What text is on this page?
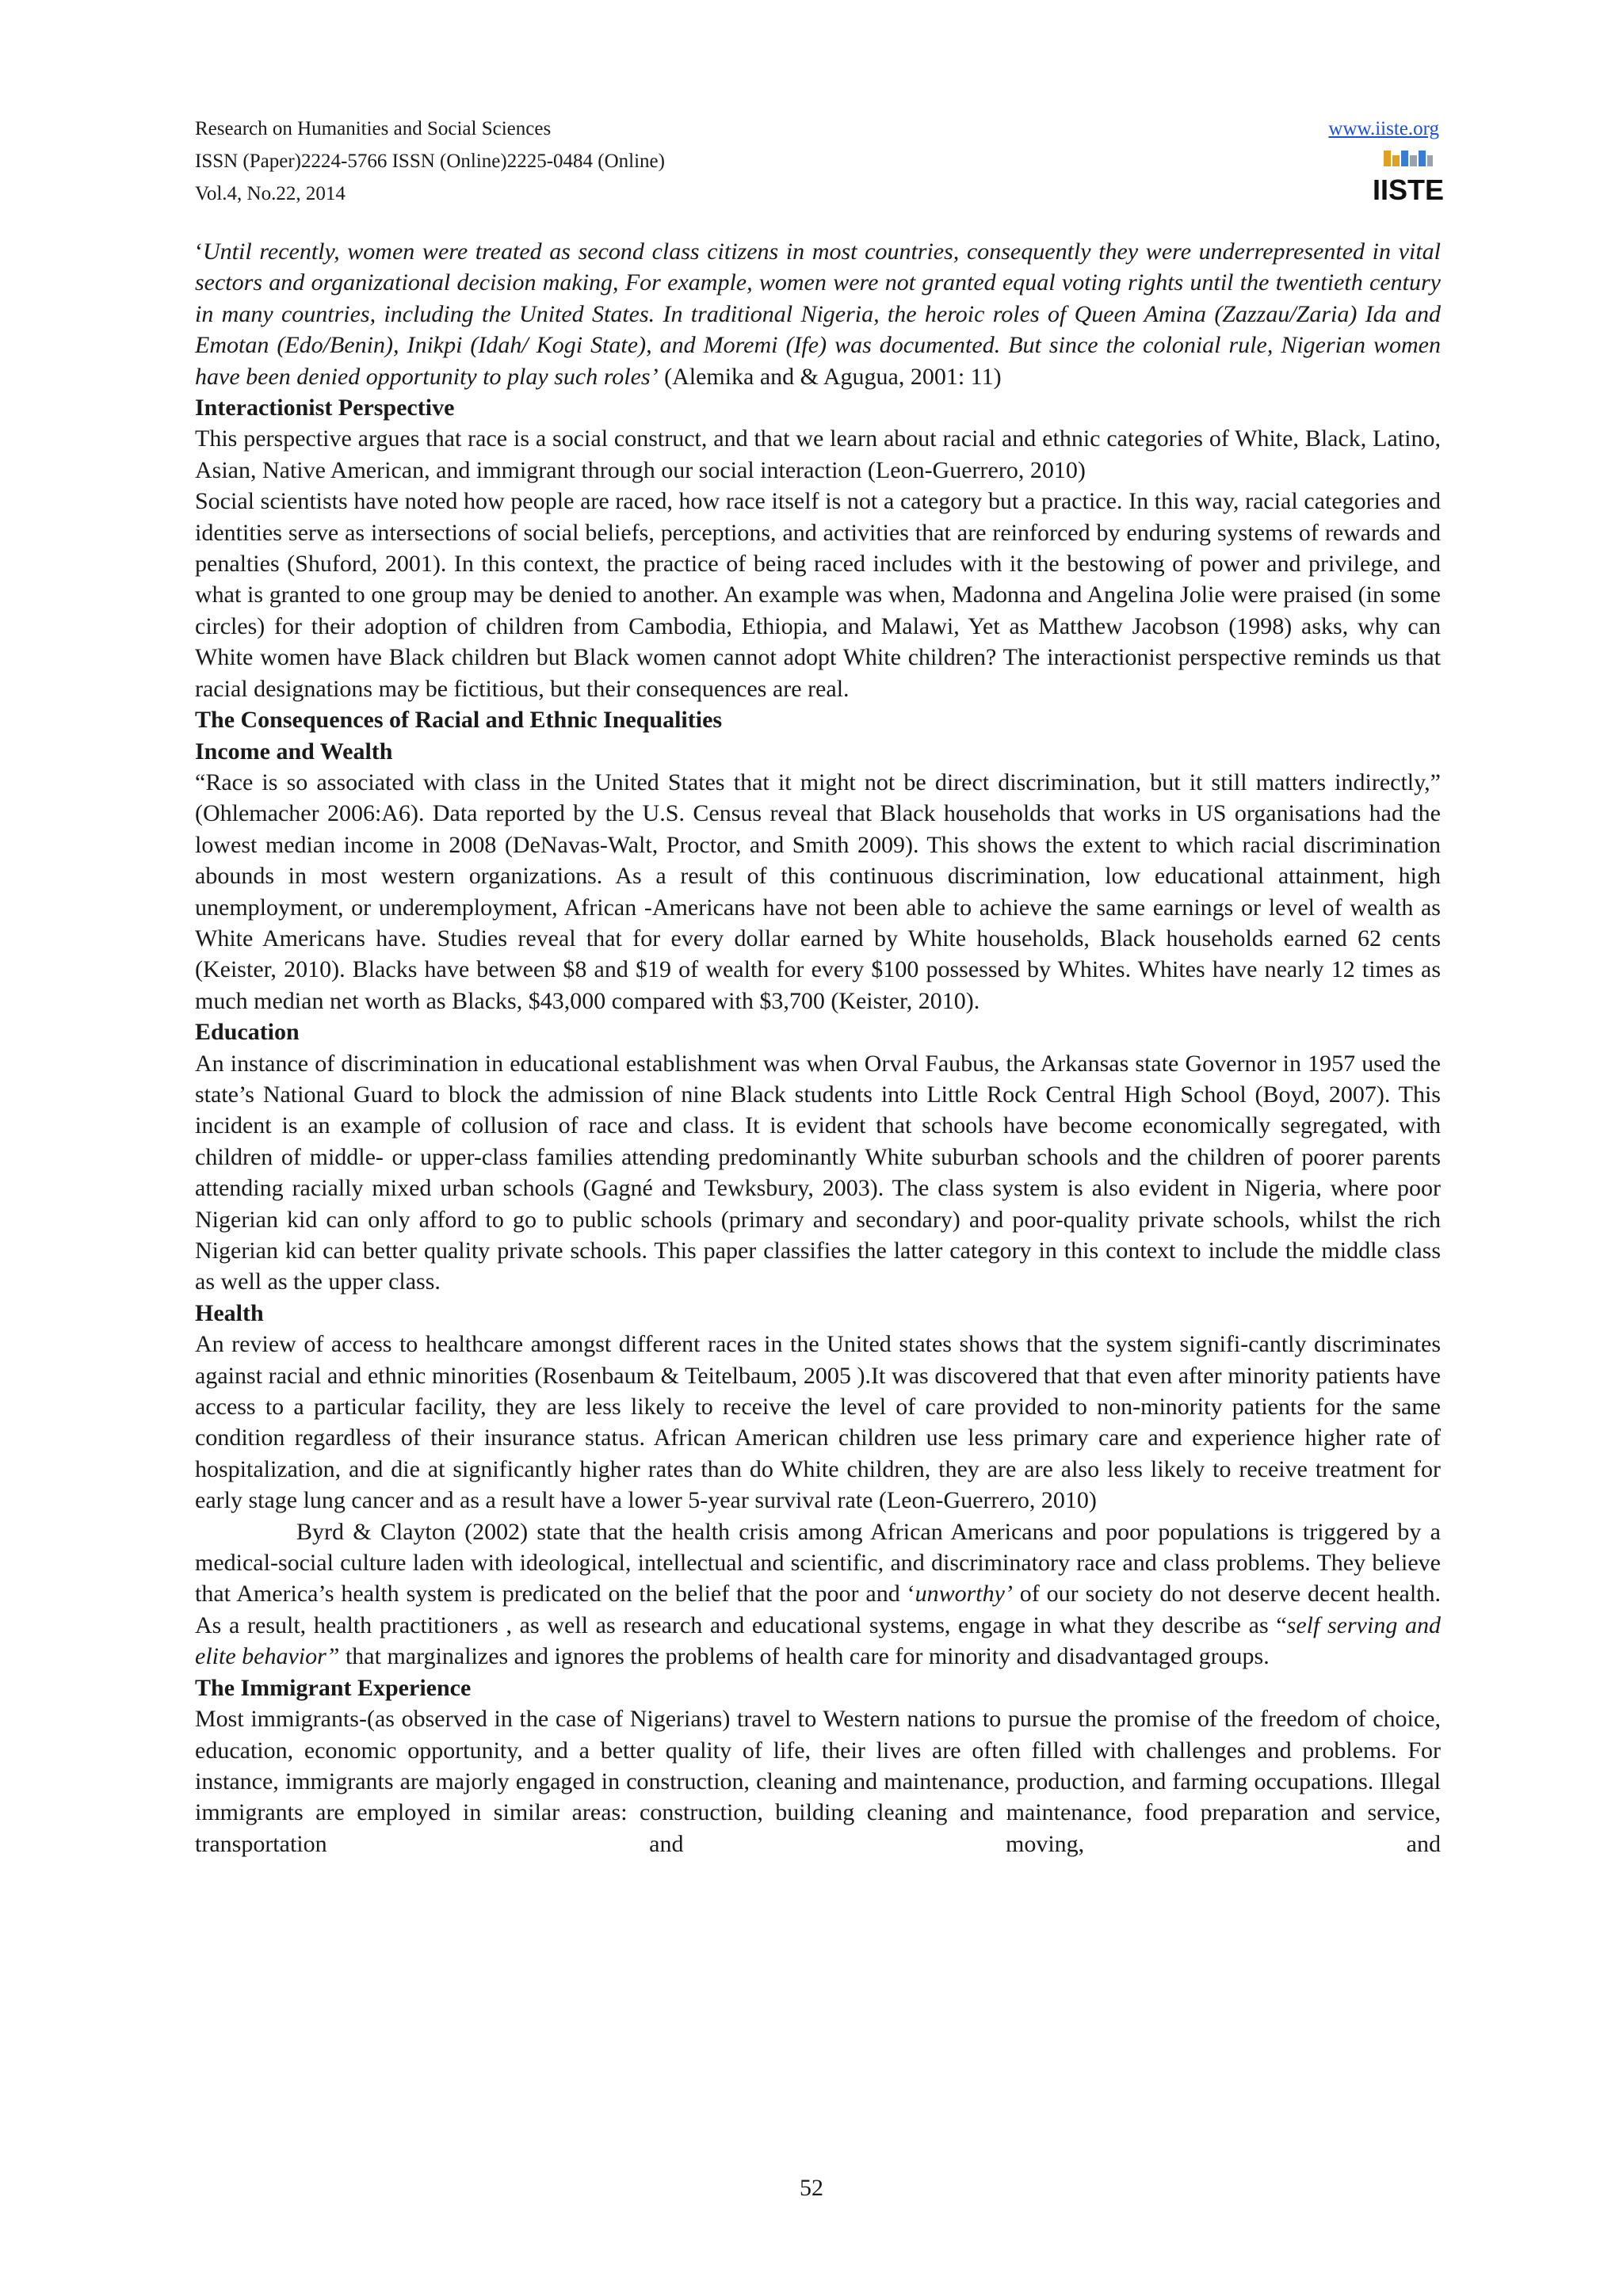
Research on Humanities and Social Sciences
ISSN (Paper)2224-5766 ISSN (Online)2225-0484 (Online)
Vol.4, No.22, 2014
www.iiste.org
IISTE

‘Until recently, women were treated as second class citizens in most countries, consequently they were underrepresented in vital sectors and organizational decision making, For example, women were not granted equal voting rights until the twentieth century in many countries, including the United States. In traditional Nigeria, the heroic roles of Queen Amina (Zazzau/Zaria) Ida and Emotan (Edo/Benin), Inikpi (Idah/ Kogi State), and Moremi (Ife) was documented. But since the colonial rule, Nigerian women have been denied opportunity to play such roles’ (Alemika and & Agugua, 2001: 11)

Interactionist Perspective

This perspective argues that race is a social construct, and that we learn about racial and ethnic categories of White, Black, Latino, Asian, Native American, and immigrant through our social interaction (Leon-Guerrero, 2010)

Social scientists have noted how people are raced, how race itself is not a category but a practice. In this way, racial categories and identities serve as intersections of social beliefs, perceptions, and activities that are reinforced by enduring systems of rewards and penalties (Shuford, 2001). In this context, the practice of being raced includes with it the bestowing of power and privilege, and what is granted to one group may be denied to another. An example was when, Madonna and Angelina Jolie were praised (in some circles) for their adoption of children from Cambodia, Ethiopia, and Malawi, Yet as Matthew Jacobson (1998) asks, why can White women have Black children but Black women cannot adopt White children? The interactionist perspective reminds us that racial designations may be fictitious, but their consequences are real.

The Consequences of Racial and Ethnic Inequalities
Income and Wealth

“Race is so associated with class in the United States that it might not be direct discrimination, but it still matters indirectly,” (Ohlemacher 2006:A6). Data reported by the U.S. Census reveal that Black households that works in US organisations had the lowest median income in 2008 (DeNavas-Walt, Proctor, and Smith 2009). This shows the extent to which racial discrimination abounds in most western organizations. As a result of this continuous discrimination, low educational attainment, high unemployment, or underemployment, African -Americans have not been able to achieve the same earnings or level of wealth as White Americans have. Studies reveal that for every dollar earned by White households, Black households earned 62 cents (Keister, 2010). Blacks have between $8 and $19 of wealth for every $100 possessed by Whites. Whites have nearly 12 times as much median net worth as Blacks, $43,000 compared with $3,700 (Keister, 2010).

Education

An instance of discrimination in educational establishment was when Orval Faubus, the Arkansas state Governor in 1957 used the state’s National Guard to block the admission of nine Black students into Little Rock Central High School (Boyd, 2007). This incident is an example of collusion of race and class. It is evident that schools have become economically segregated, with children of middle- or upper-class families attending predominantly White suburban schools and the children of poorer parents attending racially mixed urban schools (Gagné and Tewksbury, 2003). The class system is also evident in Nigeria, where poor Nigerian kid can only afford to go to public schools (primary and secondary) and poor-quality private schools, whilst the rich Nigerian kid can better quality private schools. This paper classifies the latter category in this context to include the middle class as well as the upper class.

Health

An review of access to healthcare amongst different races in the United states shows that the system signifi-cantly discriminates against racial and ethnic minorities (Rosenbaum & Teitelbaum, 2005 ).It was discovered that that even after minority patients have access to a particular facility, they are less likely to receive the level of care provided to non-minority patients for the same condition regardless of their insurance status. African American children use less primary care and experience higher rate of hospitalization, and die at significantly higher rates than do White children, they are are also less likely to receive treatment for early stage lung cancer and as a result have a lower 5-year survival rate (Leon-Guerrero, 2010)

Byrd & Clayton (2002) state that the health crisis among African Americans and poor populations is triggered by a medical-social culture laden with ideological, intellectual and scientific, and discriminatory race and class problems. They believe that America’s health system is predicated on the belief that the poor and ‘unworthy’ of our society do not deserve decent health. As a result, health practitioners , as well as research and educational systems, engage in what they describe as “self serving and elite behavior” that marginalizes and ignores the problems of health care for minority and disadvantaged groups.

The Immigrant Experience

Most immigrants-(as observed in the case of Nigerians) travel to Western nations to pursue the promise of the freedom of choice, education, economic opportunity, and a better quality of life, their lives are often filled with challenges and problems. For instance, immigrants are majorly engaged in construction, cleaning and maintenance, production, and farming occupations. Illegal immigrants are employed in similar areas: construction, building cleaning and maintenance, food preparation and service, transportation and moving, and

52
